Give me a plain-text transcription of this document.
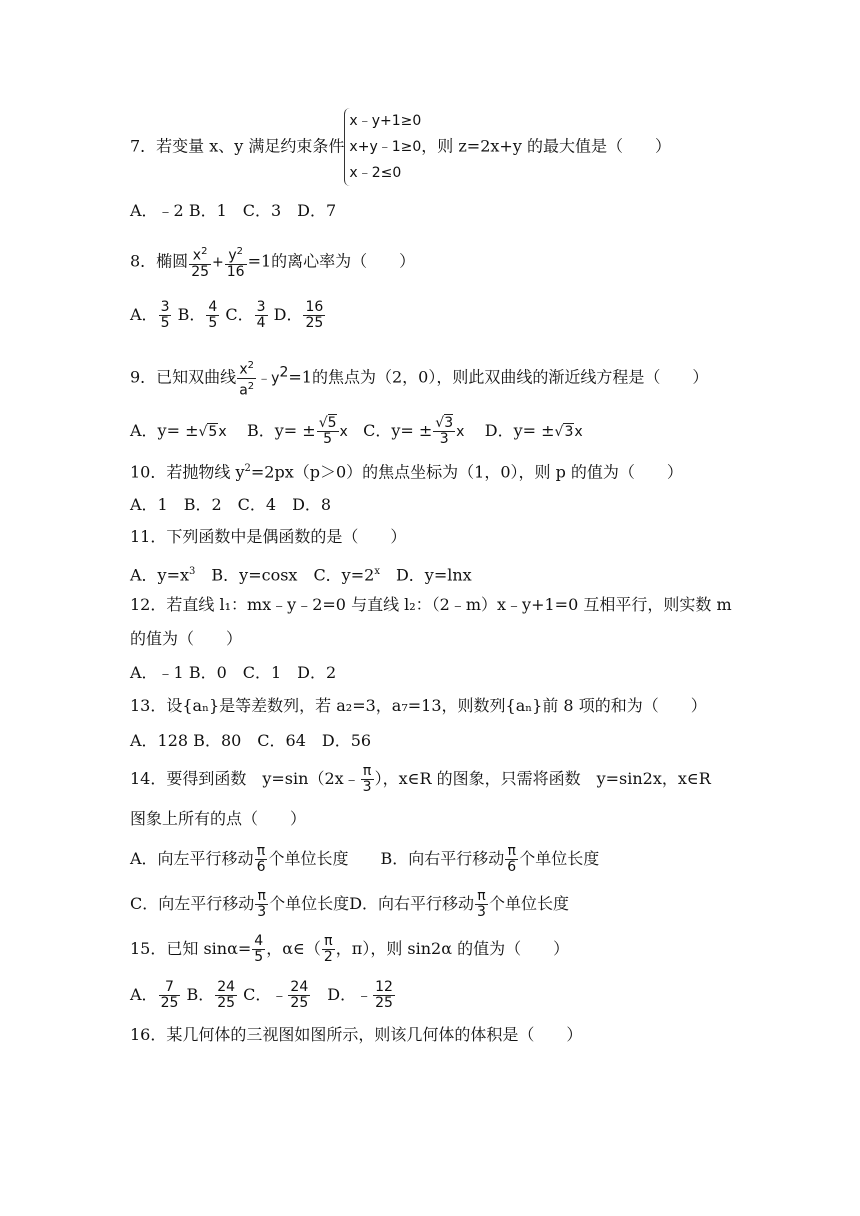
7．若变量 x、y 满足约束条件
x﹣y+1≥0
x+y﹣1≥0
x﹣2≤0
，则 z=2x+y 的最大值是（　　）
A．﹣2 B．1　C．3　D．7
8．椭圆 $\frac{x^2}{25} + \frac{y^2}{16} =1$的离心率为（　　）
A． $\frac{3}{5}$ B． $\frac{4}{5}$ C． $\frac{3}{4}$ D． $\frac{16}{25}$
9．已知双曲线 $\frac{x^2}{a^2}$ $﹣y^2=1$的焦点为（2，0），则此双曲线的渐近线方程是（　　）
A．y= ±√5x B．$y= \pm \frac{√5}{5}$ x C．$y= \pm \frac{√3}{3}$ x D．y= ±√3x
10．若抛物线 $y^2=2px(p>0)$的焦点坐标为（1，0），则 p 的值为（　　）
A．1　B．2　C．4　D．8
11．下列函数中是偶函数的是（　　）
A．$y=x^3$　B．y=cosx　C．$y=2^x$　D．y=lnx
12．若直线 l₁：mx﹣y﹣2=0 与直线 l₂：（2﹣m）x﹣y+1=0 互相平行，则实数 m
的值为（　　）
A．﹣1 B．0　C．1　D．2
13．设{aₙ}是等差数列，若 a₂=3，a₇=13，则数列{aₙ}前 8 项的和为（　　）
A．128 B．80　C．64　D．56
14．要得到函数　y=sin（2x﹣ $\frac{\pi}{3}$ ），x∈R 的图象，只需将函数　y=sin2x，x∈R
图象上所有的点（　　）
A．向左平行移动 $\frac{\pi}{6}$ 个单位长度　　B．向右平行移动 $\frac{\pi}{6}$ 个单位长度
C．向左平行移动 $\frac{\pi}{3}$ 个单位长度D．向右平行移动 $\frac{\pi}{3}$ 个单位长度
15．已知 $\sin\alpha= \frac{4}{5}$ ，α∈（ $\frac{\pi}{2}$ ，π），则 sin2α 的值为（　　）
A． $\frac{7}{25}$ B． $\frac{24}{25}$ C．﹣ $\frac{24}{25}$ 　D．﹣ $\frac{12}{25}$
16．某几何体的三视图如图所示，则该几何体的体积是（　　）
